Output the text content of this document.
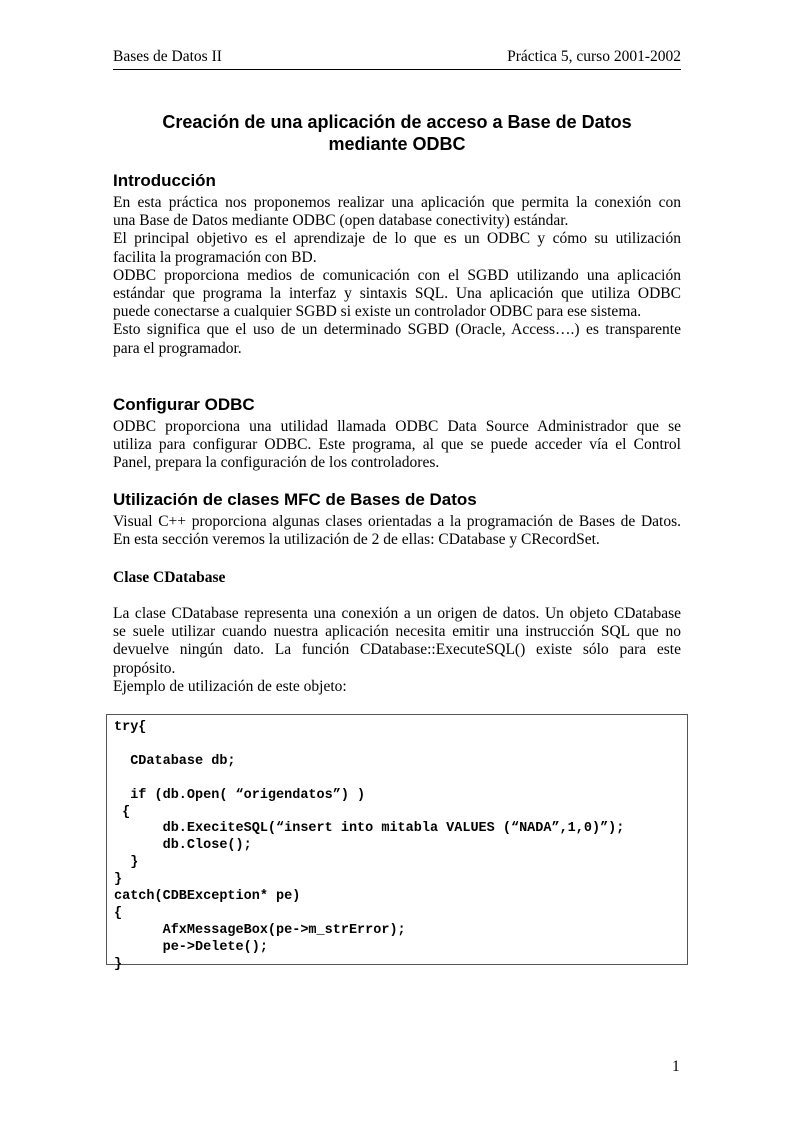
Bases de Datos II	Práctica 5, curso 2001-2002
Creación de una aplicación de acceso a Base de Datos
mediante ODBC
Introducción
En esta práctica nos proponemos realizar una aplicación que permita la conexión con
una Base de Datos mediante ODBC (open database conectivity) estándar.
El principal objetivo es el aprendizaje de lo que es un ODBC y cómo su utilización
facilita la programación con BD.
ODBC proporciona medios de comunicación con el SGBD utilizando una aplicación
estándar que programa la interfaz y sintaxis SQL. Una aplicación que utiliza ODBC
puede conectarse a cualquier SGBD si existe un controlador ODBC para ese sistema.
Esto significa que el uso de un determinado SGBD (Oracle, Access….) es transparente
para el programador.
Configurar ODBC
ODBC proporciona una utilidad llamada ODBC Data Source Administrador que se
utiliza para configurar ODBC. Este programa, al que se puede acceder vía el Control
Panel, prepara la configuración de los controladores.
Utilización de clases MFC de Bases de Datos
Visual C++ proporciona algunas clases orientadas a la programación de Bases de Datos.
En esta sección veremos la utilización de 2 de ellas: CDatabase y CRecordSet.
Clase CDatabase
La clase CDatabase representa una conexión a un origen de datos. Un objeto CDatabase
se suele utilizar cuando nuestra aplicación necesita emitir una instrucción SQL que no
devuelve ningún dato. La función CDatabase::ExecuteSQL() existe sólo para este
propósito.
Ejemplo de utilización de este objeto:
try{

CDatabase db;

if (db.Open( “origendatos”) )
{
db.ExeciteSQL(“insert into mitabla VALUES (“NADA”,1,0)”);
db.Close();
}
}
catch(CDBException* pe)
{
AfxMessageBox(pe->m_strError);
pe->Delete();
}
1
